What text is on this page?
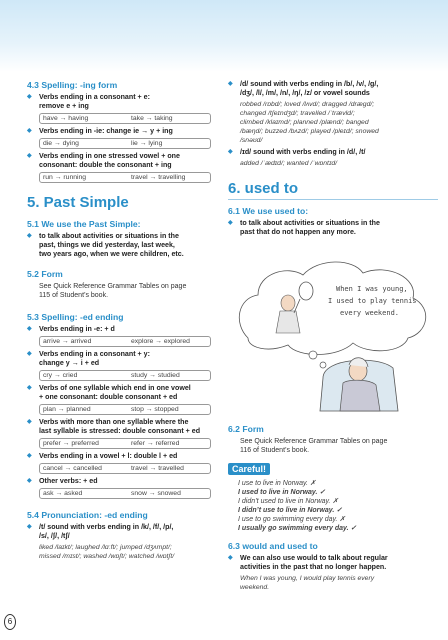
4.3 Spelling: -ing form
◆ Verbs ending in a consonant + e:
remove e + ing
have → having	take → taking
◆ Verbs ending in -ie: change ie → y + ing
die → dying	lie → lying
◆ Verbs ending in one stressed vowel + one
consonant: double the consonant + ing
run → running	travel → travelling
5. Past Simple
5.1 We use the Past Simple:
◆ to talk about activities or situations in the
past, things we did yesterday, last week,
two years ago, when we were children, etc.
5.2 Form
See Quick Reference Grammar Tables on page
115 of Student’s book.
5.3 Spelling: -ed ending
◆ Verbs ending in -e: + d
arrive → arrived	explore → explored
◆ Verbs ending in a consonant + y:
change y → i + ed
cry → cried	study → studied
◆ Verbs of one syllable which end in one vowel
+ one consonant: double consonant + ed
plan → planned	stop → stopped
◆ Verbs with more than one syllable where the
last syllable is stressed: double consonant + ed
prefer → preferred	refer → referred
◆ Verbs ending in a vowel + l: double l + ed
cancel → cancelled	travel → travelled
◆ Other verbs: + ed
ask → asked	snow → snowed
5.4 Pronunciation: -ed ending
◆ /t/ sound with verbs ending in /k/, /f/, /p/,
/s/, /ʃ/, /tʃ/
liked /laɪkt/; laughed /lɑːft/; jumped /dʒʌmpt/;
missed /mɪst/; washed /wɒʃt/; watched /wɒtʃt/
◆ /d/ sound with verbs ending in /b/, /v/, /g/,
/dʒ/, /l/, /m/, /n/, /ŋ/, /z/ or vowel sounds
robbed /rɒbd/; loved /lʌvd/; dragged /drægd/;
changed /tʃeɪndʒd/; travelled /ˈtrævld/;
climbed /klaɪmd/; planned /plænd/; banged
/bæŋd/; buzzed /bʌzd/; played /pleɪd/; snowed
/snəʊd/
◆ /ɪd/ sound with verbs ending in /d/, /t/
added /ˈædɪd/; wanted /ˈwɒntɪd/
6. used to
6.1 We use used to:
◆ to talk about activities or situations in the
past that do not happen any more.
When I was young,
I used to play tennis
every weekend.
6.2 Form
See Quick Reference Grammar Tables on page
116 of Student’s book.
Careful!
I use to live in Norway. ✗
I used to live in Norway. ✓
I didn’t used to live in Norway. ✗
I didn’t use to live in Norway. ✓
I use to go swimming every day. ✗
I usually go swimming every day. ✓
6.3 would and used to
◆ We can also use would to talk about regular
activities in the past that no longer happen.
When I was young, I would play tennis every
weekend.
6
